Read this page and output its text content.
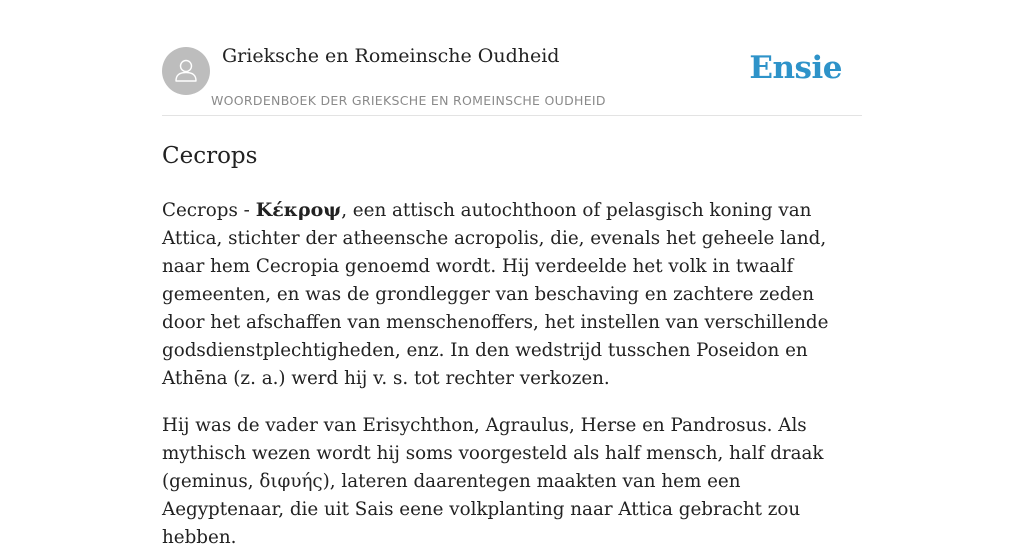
Grieksche en Romeinsche Oudheid
WOORDENBOEK DER GRIEKSCHE EN ROMEINSCHE OUDHEID
Ensie
Cecrops

Cecrops - Κέκροψ, een attisch autochthoon of pelasgisch koning van Attica, stichter der atheensche acropolis, die, evenals het geheele land, naar hem Cecropia genoemd wordt. Hij verdeelde het volk in twaalf gemeenten, en was de grondlegger van beschaving en zachtere zeden door het afschaffen van menschenoffers, het instellen van verschillende godsdienstplechtigheden, enz. In den wedstrijd tusschen Poseidon en Athēna (z. a.) werd hij v. s. tot rechter verkozen.

Hij was de vader van Erisychthon, Agraulus, Herse en Pandrosus. Als mythisch wezen wordt hij soms voorgesteld als half mensch, half draak (geminus, διφυής), lateren daarentegen maakten van hem een Aegyptenaar, die uit Sais eene volkplanting naar Attica gebracht zou hebben.
